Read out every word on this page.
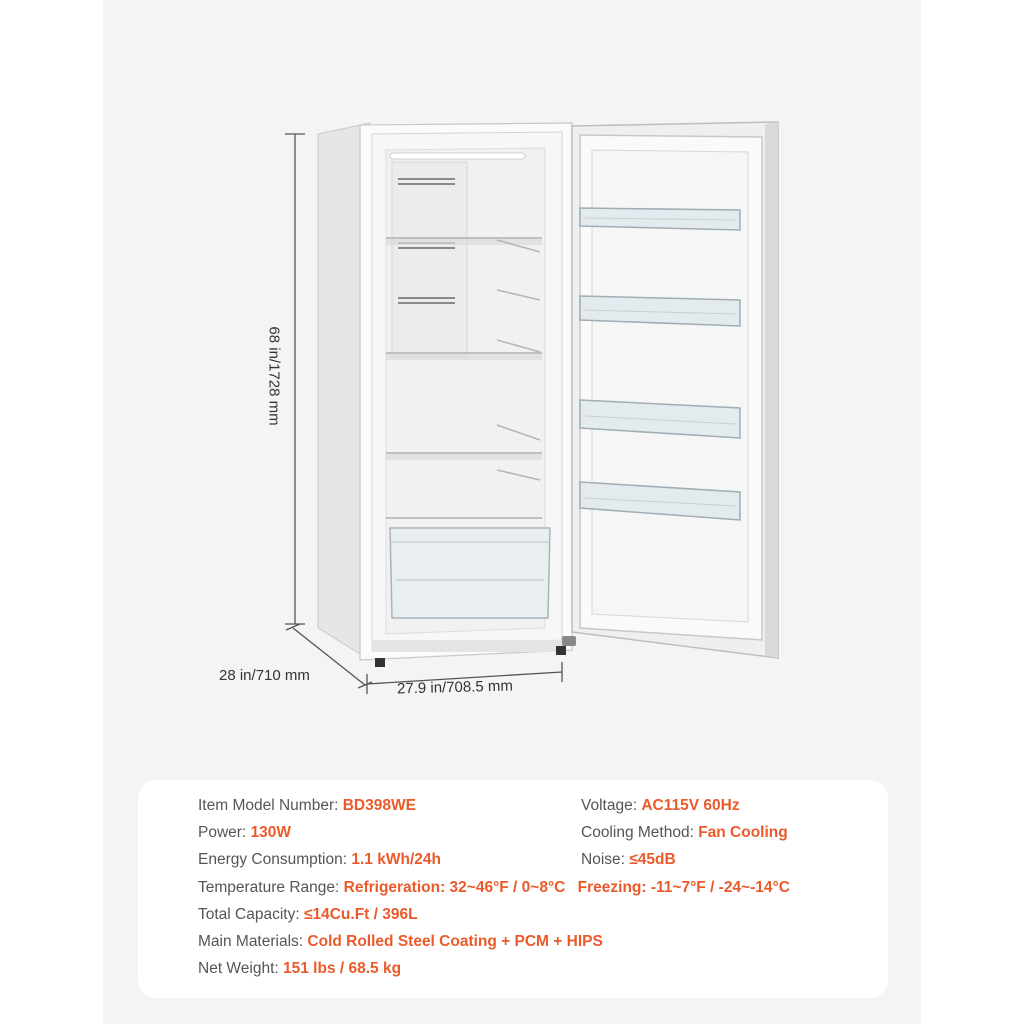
68 in/1728 mm
28 in/710 mm
27.9 in/708.5 mm
Item Model Number: BD398WE	Voltage: AC115V 60Hz
Power: 130W	Cooling Method: Fan Cooling
Energy Consumption: 1.1 kWh/24h	Noise: ≤45dB
Temperature Range: Refrigeration: 32~46°F / 0~8°C Freezing: -11~7°F / -24~-14°C
Total Capacity: ≤14Cu.Ft / 396L
Main Materials: Cold Rolled Steel Coating + PCM + HIPS
Net Weight: 151 lbs / 68.5 kg
